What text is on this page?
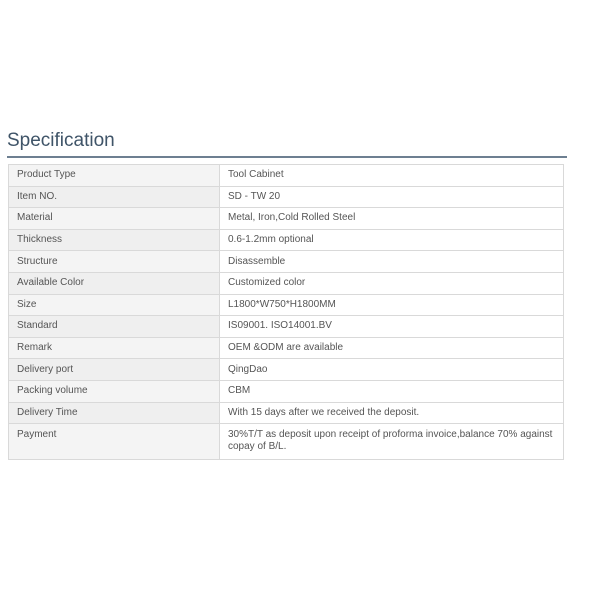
Specification
Product Type	Tool Cabinet
Item NO.	SD - TW 20
Material	Metal, Iron,Cold Rolled Steel
Thickness	0.6-1.2mm optional
Structure	Disassemble
Available Color	Customized color
Size	L1800*W750*H1800MM
Standard	IS09001. ISO14001.BV
Remark	OEM &ODM are available
Delivery port	QingDao
Packing volume	CBM
Delivery Time	With 15 days after we received the deposit.
Payment	30%T/T as deposit upon receipt of proforma invoice,balance 70% against copay of B/L.
